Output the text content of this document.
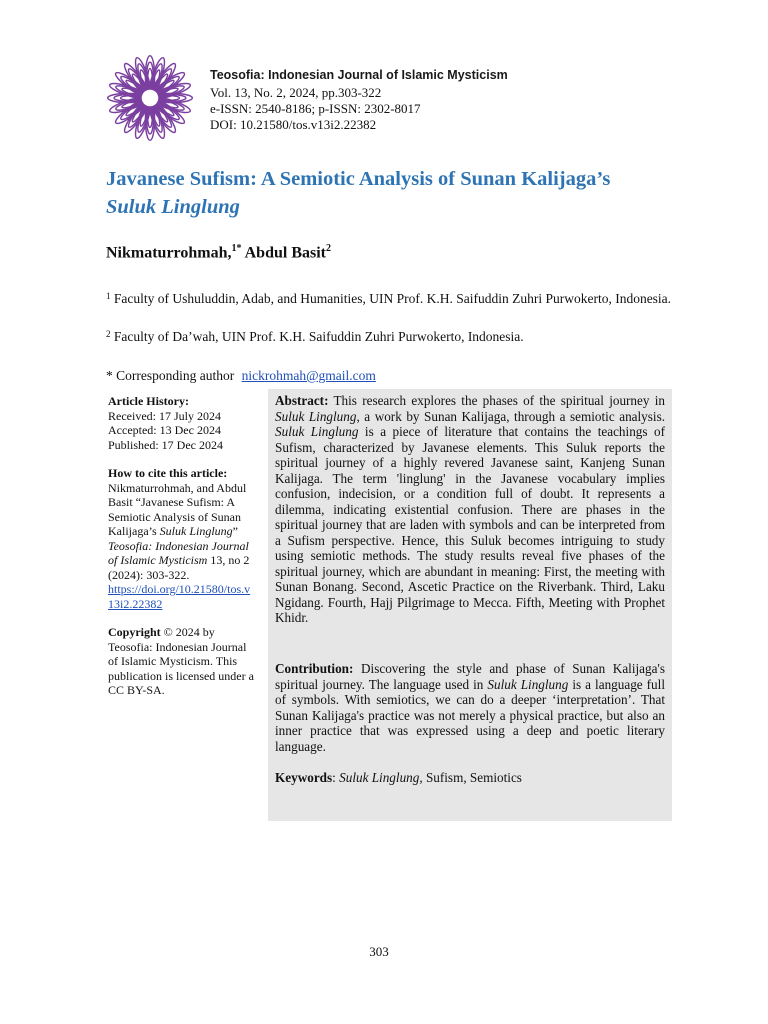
Teosofia: Indonesian Journal of Islamic Mysticism
Vol. 13, No. 2, 2024, pp.303-322
e-ISSN: 2540-8186; p-ISSN: 2302-8017
DOI: 10.21580/tos.v13i2.22382
Javanese Sufism: A Semiotic Analysis of Sunan Kalijaga’s
Suluk Linglung
Nikmaturrohmah,$^{1*}$ Abdul Basit$^2$
$^1$ Faculty of Ushuluddin, Adab, and Humanities, UIN Prof. K.H. Saifuddin Zuhri Purwokerto, Indonesia.
$^2$ Faculty of Da’wah, UIN Prof. K.H. Saifuddin Zuhri Purwokerto, Indonesia.
* Corresponding author nickrohmah@gmail.com

Article History:

Received: 17 July 2024

Accepted: 13 Dec 2024

Published: 17 Dec 2024

How to cite this article:

Nikmaturrohmah, and Abdul Basit “Javanese Sufism: A Semiotic Analysis of Sunan Kalijaga’s Suluk Linglung” Teosofia: Indonesian Journal of Islamic Mysticism 13, no 2 (2024): 303-322.

https://doi.org/10.21580/tos.v13i2.22382

Copyright © 2024 by Teosofia: Indonesian Journal of Islamic Mysticism. This publication is licensed under a CC BY-SA.

Abstract: This research explores the phases of the spiritual journey in Suluk Linglung, a work by Sunan Kalijaga, through a semiotic analysis. Suluk Linglung is a piece of literature that contains the teachings of Sufism, characterized by Javanese elements. This Suluk reports the spiritual journey of a highly revered Javanese saint, Kanjeng Sunan Kalijaga. The term 'linglung' in the Javanese vocabulary implies confusion, indecision, or a condition full of doubt. It represents a dilemma, indicating existential confusion. There are phases in the spiritual journey that are laden with symbols and can be interpreted from a Sufism perspective. Hence, this Suluk becomes intriguing to study using semiotic methods. The study results reveal five phases of the spiritual journey, which are abundant in meaning: First, the meeting with Sunan Bonang. Second, Ascetic Practice on the Riverbank. Third, Laku Ngidang. Fourth, Hajj Pilgrimage to Mecca. Fifth, Meeting with Prophet Khidr.
Contribution: Discovering the style and phase of Sunan Kalijaga's spiritual journey. The language used in Suluk Linglung is a language full of symbols. With semiotics, we can do a deeper ‘interpretation’. That Sunan Kalijaga's practice was not merely a physical practice, but also an inner practice that was expressed using a deep and poetic literary language.
Keywords: Suluk Linglung, Sufism, Semiotics
303
